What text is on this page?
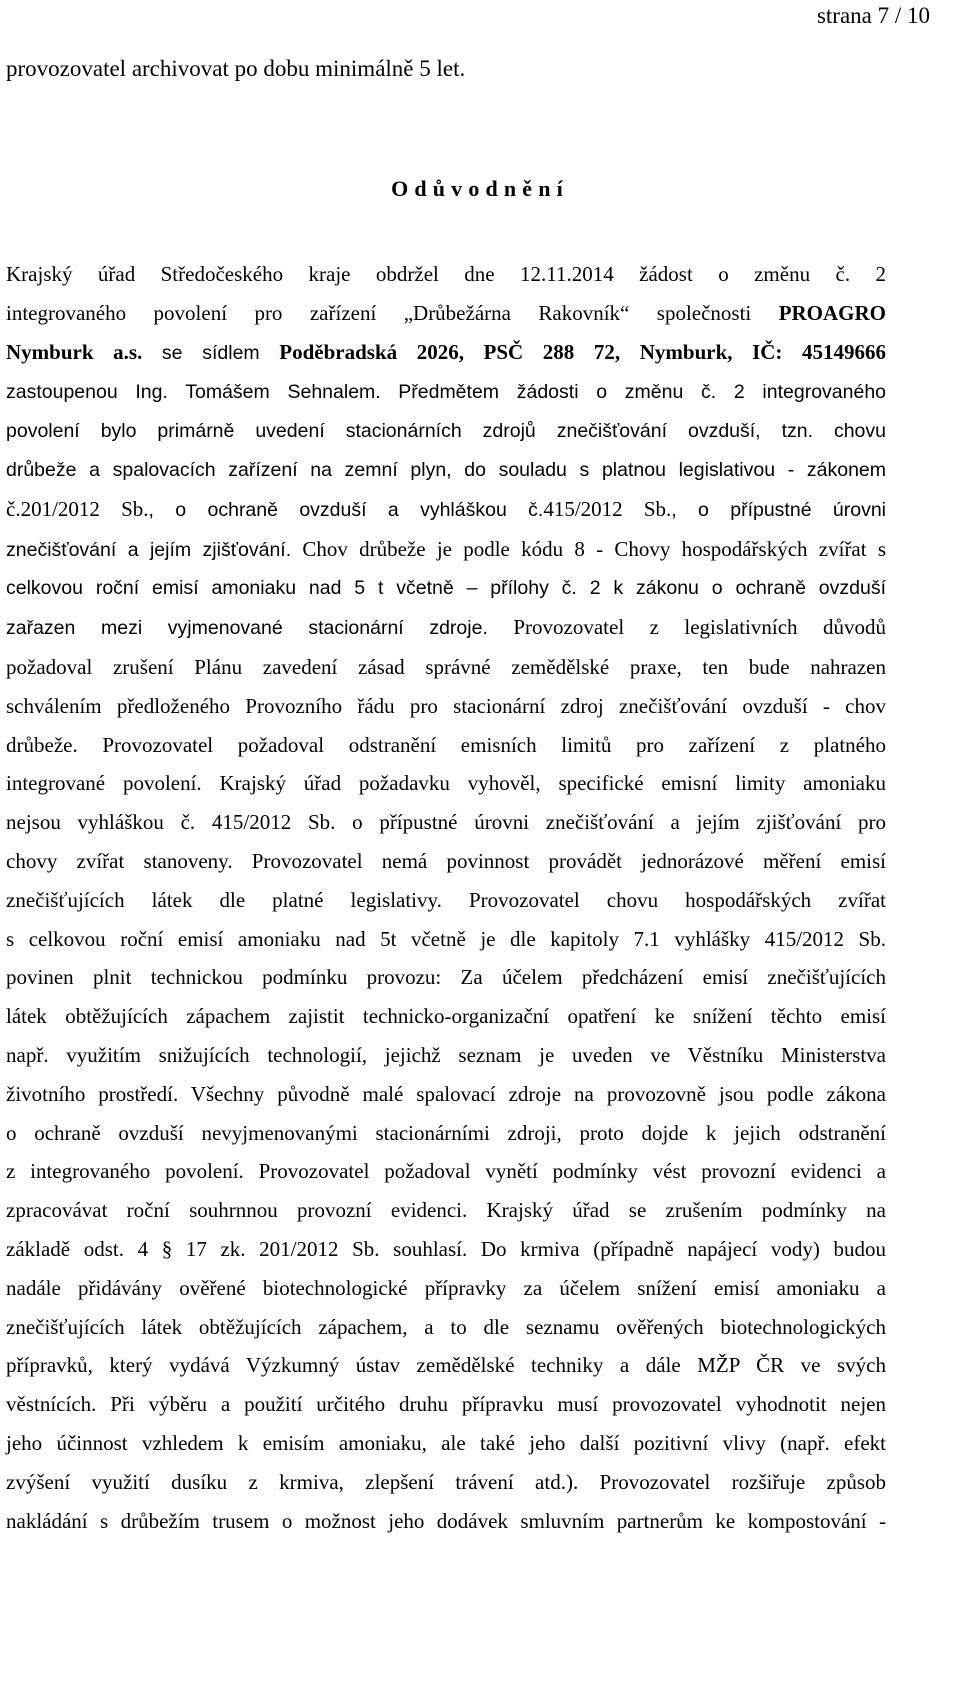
strana 7 / 10
provozovatel archivovat po dobu minimálně 5 let.
Odůvodnění
Krajský úřad Středočeského kraje obdržel dne 12.11.2014 žádost o změnu č. 2
integrovaného povolení pro zařízení „Drůbežárna Rakovník“ společnosti PROAGRO
Nymburk a.s. se sídlem Poděbradská 2026, PSČ 288 72, Nymburk, IČ: 45149666
zastoupenou Ing. Tomášem Sehnalem. Předmětem žádosti o změnu č. 2 integrovaného
povolení bylo primárně uvedení stacionárních zdrojů znečišťování ovzduší, tzn. chovu
drůbeže a spalovacích zařízení na zemní plyn, do souladu s platnou legislativou - zákonem
č.201/2012 Sb., o ochraně ovzduší a vyhláškou č.415/2012 Sb., o přípustné úrovni
znečišťování a jejím zjišťování. Chov drůbeže je podle kódu 8 - Chovy hospodářských zvířat s
celkovou roční emisí amoniaku nad 5 t včetně – přílohy č. 2 k zákonu o ochraně ovzduší
zařazen mezi vyjmenované stacionární zdroje. Provozovatel z legislativních důvodů
požadoval zrušení Plánu zavedení zásad správné zemědělské praxe, ten bude nahrazen
schválením předloženého Provozního řádu pro stacionární zdroj znečišťování ovzduší - chov
drůbeže. Provozovatel požadoval odstranění emisních limitů pro zařízení z platného
integrované povolení. Krajský úřad požadavku vyhověl, specifické emisní limity amoniaku
nejsou vyhláškou č. 415/2012 Sb. o přípustné úrovni znečišťování a jejím zjišťování pro
chovy zvířat stanoveny. Provozovatel nemá povinnost provádět jednorázové měření emisí
znečišťujících látek dle platné legislativy. Provozovatel chovu hospodářských zvířat
s celkovou roční emisí amoniaku nad 5t včetně je dle kapitoly 7.1 vyhlášky 415/2012 Sb.
povinen plnit technickou podmínku provozu: Za účelem předcházení emisí znečišťujících
látek obtěžujících zápachem zajistit technicko-organizační opatření ke snížení těchto emisí
např. využitím snižujících technologií, jejichž seznam je uveden ve Věstníku Ministerstva
životního prostředí. Všechny původně malé spalovací zdroje na provozovně jsou podle zákona
o ochraně ovzduší nevyjmenovanými stacionárními zdroji, proto dojde k jejich odstranění
z integrovaného povolení. Provozovatel požadoval vynětí podmínky vést provozní evidenci a
zpracovávat roční souhrnnou provozní evidenci. Krajský úřad se zrušením podmínky na
základě odst. 4 § 17 zk. 201/2012 Sb. souhlasí. Do krmiva (případně napájecí vody) budou
nadále přidávány ověřené biotechnologické přípravky za účelem snížení emisí amoniaku a
znečišťujících látek obtěžujících zápachem, a to dle seznamu ověřených biotechnologických
přípravků, který vydává Výzkumný ústav zemědělské techniky a dále MŽP ČR ve svých
věstnících. Při výběru a použití určitého druhu přípravku musí provozovatel vyhodnotit nejen
jeho účinnost vzhledem k emisím amoniaku, ale také jeho další pozitivní vlivy (např. efekt
zvýšení využití dusíku z krmiva, zlepšení trávení atd.). Provozovatel rozšiřuje způsob
nakládání s drůbežím trusem o možnost jeho dodávek smluvním partnerům ke kompostování -
